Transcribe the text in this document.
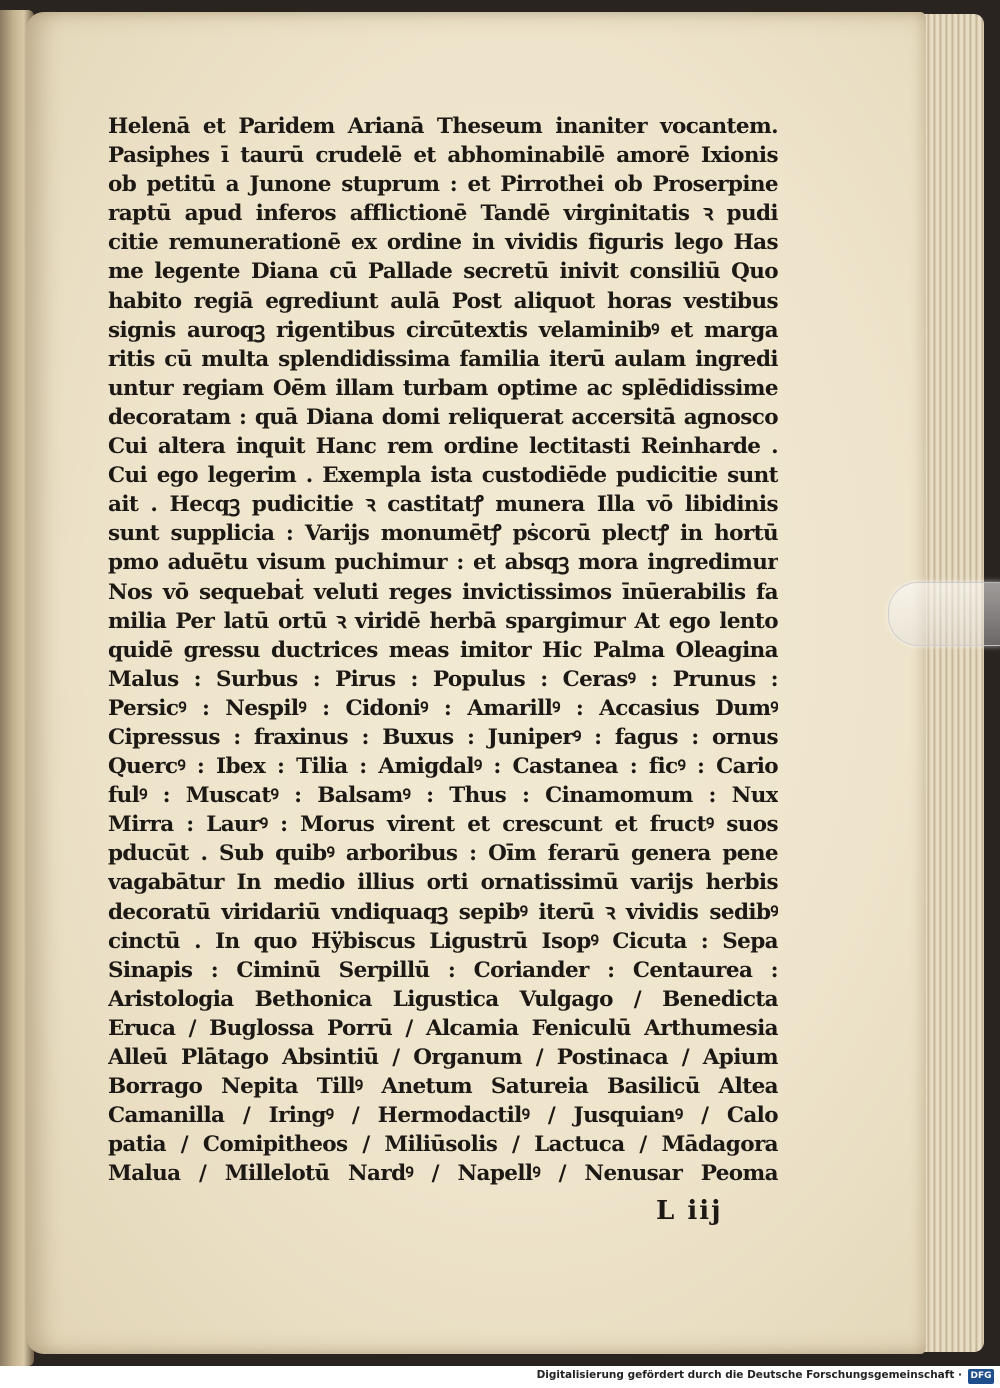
Helenā et Paridem Arianā Theseum inaniter vocantem.
Pasiphes ī taurū crudelē et abhominabilē amorē Ixionis
ob petitū a Junone stuprum : et Pirrothei ob Proserpine
raptū apud inferos afflictionē Tandē virginitatis ꝛ pudi
citie remunerationē ex ordine in vividis figuris lego Has
me legente Diana cū Pallade secretū inivit consiliū Quo
habito regiā egrediunt aulā Post aliquot horas vestibus
signis auroqꝫ rigentibus circūtextis velaminibꝰ et marga
ritis cū multa splendidissima familia iterū aulam ingredi
untur regiam Oēm illam turbam optime ac splēdidissime
decoratam : quā Diana domi reliquerat accersitā agnosco
Cui altera inquit Hanc rem ordine lectitasti Reinharde .
Cui ego legerim . Exempla ista custodiēde pudicitie sunt
ait . Hecqꝫ pudicitie ꝛ castitatꝭ munera Illa vō libidinis
sunt supplicia : Varijs monumētꝭ pṡcorū plectꝭ in hortū
pmo aduētu visum puchimur : et absqꝫ mora ingredimur
Nos vō sequebaṫ veluti reges invictissimos īnūerabilis fa
milia Per latū ortū ꝛ viridē herbā spargimur At ego lento
quidē gressu ductrices meas imitor Hic Palma Oleagina
Malus : Surbus : Pirus : Populus : Cerasꝰ : Prunus :
Persicꝰ : Nespilꝰ : Cidoniꝰ : Amarillꝰ : Accasius Dumꝰ
Cipressus : fraxinus : Buxus : Juniperꝰ : fagus : ornus
Quercꝰ : Ibex : Tilia : Amigdalꝰ : Castanea : ficꝰ : Cario
fulꝰ : Muscatꝰ : Balsamꝰ : Thus : Cinamomum : Nux
Mirra : Laurꝰ : Morus virent et crescunt et fructꝰ suos
pducūt . Sub quibꝰ arboribus : Oīm ferarū genera pene
vagabātur In medio illius orti ornatissimū varijs herbis
decoratū viridariū vndiquaqꝫ sepibꝰ iterū ꝛ vividis sedibꝰ
cinctū . In quo Hÿbiscus Ligustrū Isopꝰ Cicuta : Sepa
Sinapis : Ciminū Serpillū : Coriander : Centaurea :
Aristologia Bethonica Ligustica Vulgago / Benedicta
Eruca / Buglossa Porrū / Alcamia Feniculū Arthumesia
Alleū Plātago Absintiū / Organum / Postinaca / Apium
Borrago Nepita Tillꝰ Anetum Satureia Basilicū Altea
Camanilla / Iringꝰ / Hermodactilꝰ / Jusquianꝰ / Calo
patia / Comipitheos / Miliūsolis / Lactuca / Mādagora
Malua / Millelotū Nardꝰ / Napellꝰ / Nenusar Peoma
L iij
Digitalisierung gefördert durch die Deutsche Forschungsgemeinschaft · DFG
